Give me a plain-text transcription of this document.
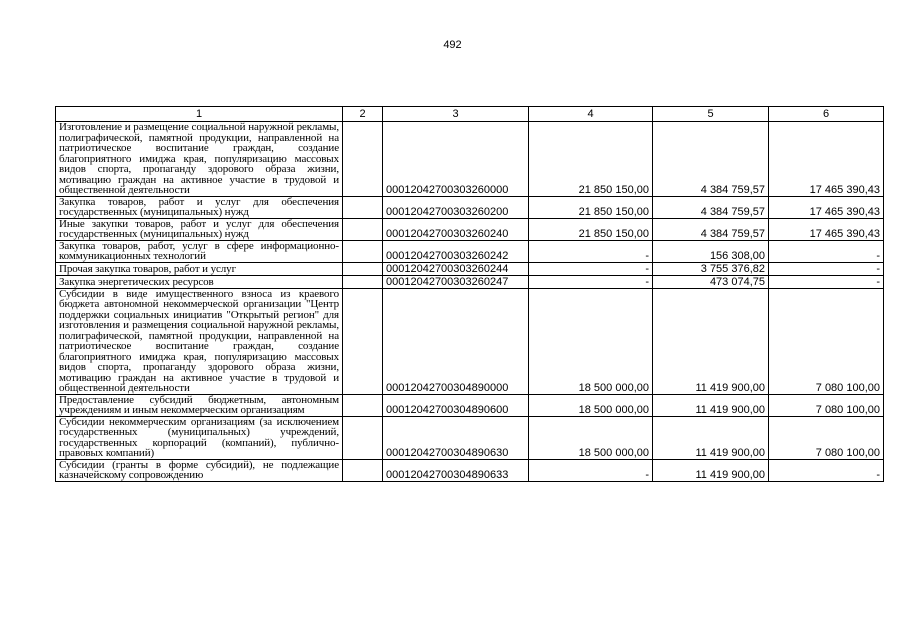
492
1	2	3	4	5	6
Изготовление и размещение социальной наружной рекламы, полиграфической, памятной продукции, направленной на патриотическое воспитание граждан, создание благоприятного имиджа края, популяризацию массовых видов спорта, пропаганду здорового образа жизни, мотивацию граждан на активное участие в трудовой и общественной деятельности		00012042700303260000	21 850 150,00	4 384 759,57	17 465 390,43
Закупка товаров, работ и услуг для обеспечения государственных (муниципальных) нужд		00012042700303260200	21 850 150,00	4 384 759,57	17 465 390,43
Иные закупки товаров, работ и услуг для обеспечения государственных (муниципальных) нужд		00012042700303260240	21 850 150,00	4 384 759,57	17 465 390,43
Закупка товаров, работ, услуг в сфере информационно-коммуникационных технологий		00012042700303260242	-	156 308,00	-
Прочая закупка товаров, работ и услуг		00012042700303260244	-	3 755 376,82	-
Закупка энергетических ресурсов		00012042700303260247	-	473 074,75	-
Субсидии в виде имущественного взноса из краевого бюджета автономной некоммерческой организации "Центр поддержки социальных инициатив "Открытый регион" для изготовления и размещения социальной наружной рекламы, полиграфической, памятной продукции, направленной на патриотическое воспитание граждан, создание благоприятного имиджа края, популяризацию массовых видов спорта, пропаганду здорового образа жизни, мотивацию граждан на активное участие в трудовой и общественной деятельности		00012042700304890000	18 500 000,00	11 419 900,00	7 080 100,00
Предоставление субсидий бюджетным, автономным учреждениям и иным некоммерческим организациям		00012042700304890600	18 500 000,00	11 419 900,00	7 080 100,00
Субсидии некоммерческим организациям (за исключением государственных (муниципальных) учреждений, государственных корпораций (компаний), публично-правовых компаний)		00012042700304890630	18 500 000,00	11 419 900,00	7 080 100,00
Субсидии (гранты в форме субсидий), не подлежащие казначейскому сопровождению		00012042700304890633	-	11 419 900,00	-
